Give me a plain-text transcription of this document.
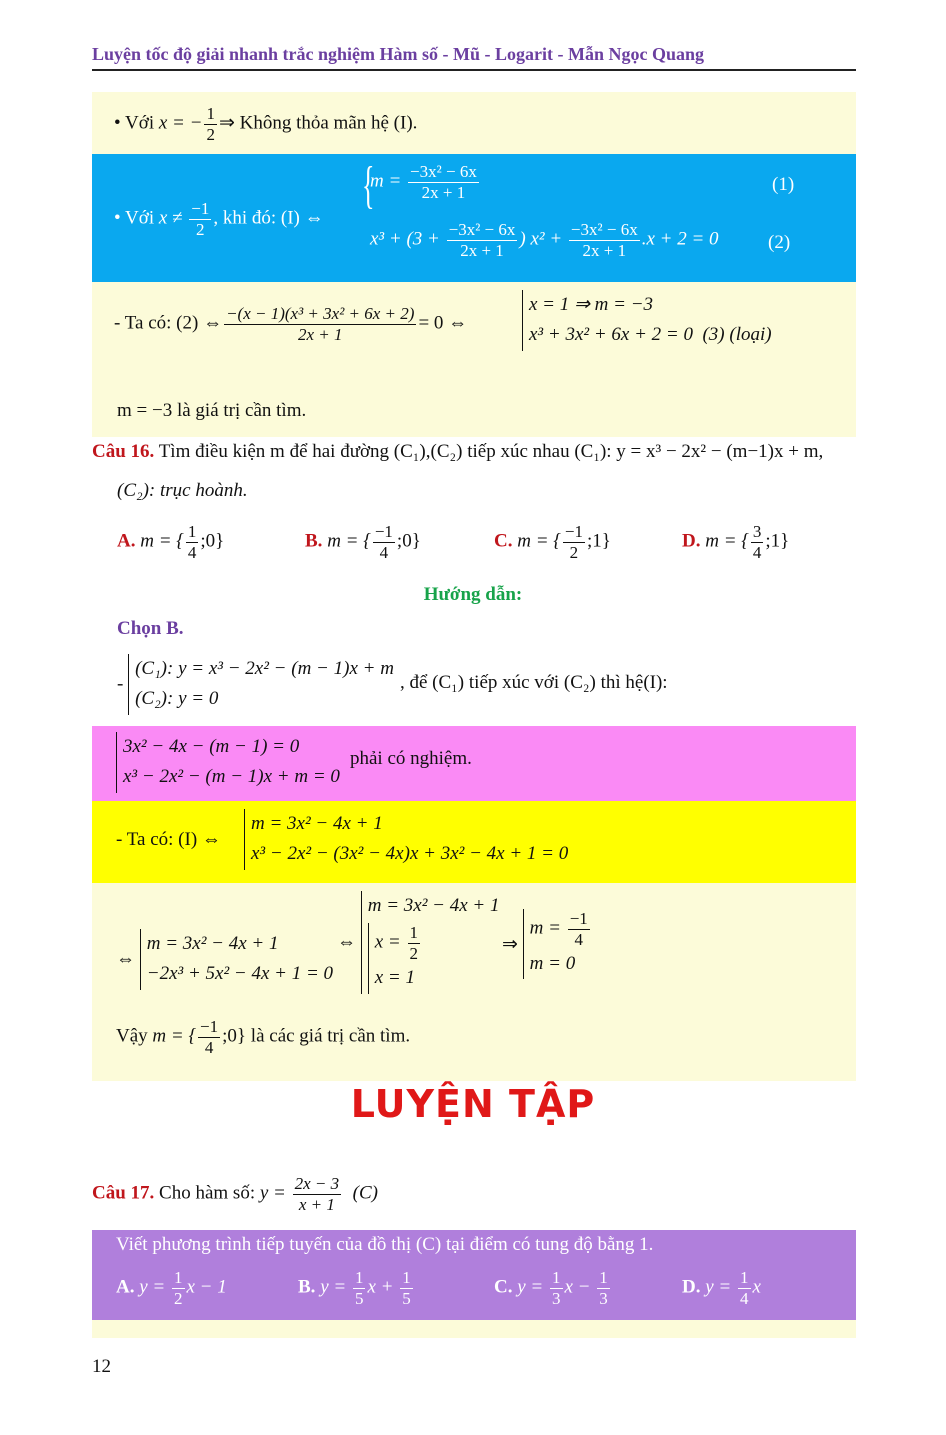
Luyện tốc độ giải nhanh trắc nghiệm Hàm số - Mũ - Logarit - Mẫn Ngọc Quang
• Với x = − $\frac{1}{2}$ ⇒ Không thỏa mãn hệ (I).
• Với $x \ne \frac{-1}{2}$ , khi đó: (I) ⇔
{
$m = \frac{\text{−3x² − 6x}}{2x + 1}$	(1)
$x^3 + (3 + \frac{\text{−3x² − 6x}}{2x + 1}$ ) $x^2 + \frac{\text{−3x² − 6x}}{2x + 1} .x + 2 = 0$	(2)
- Ta có: (2) ⇔ $\frac{\text{−(x − 1)(x³ + 3x² + 6x + 2)}}{2x + 1} = 0$ ⇔
x = 1 ⇒ m = −3
x³ + 3x² + 6x + 2 = 0 (3) (loại)
m = −3 là giá trị cần tìm.
Câu 16. Tìm điều kiện m để hai đường (C₁),(C₂) tiếp xúc nhau (C₁): y = x³ − 2x² − (m−1)x + m,
(C₂): trục hoành.
A. m = { $\frac{1}{4}$ ;0}	B. m = { $\frac{-1}{4}$ ;0}	C. m = { $\frac{-1}{2}$ ;1}	D. m = { $\frac{3}{4}$ ;1}
Hướng dẫn:
Chọn B.
-
(C₁): y = x³ − 2x² − (m − 1)x + m
(C₂): y = 0
, để (C₁) tiếp xúc với (C₂) thì hệ(I):
3x² − 4x − (m − 1) = 0
x³ − 2x² − (m − 1)x + m = 0
phải có nghiệm.
- Ta có: (I) ⇔
m = 3x² − 4x + 1
x³ − 2x² − (3x² − 4x)x + 3x² − 4x + 1 = 0
⇔
m = 3x² − 4x + 1
−2x³ + 5x² − 4x + 1 = 0
⇔
m = 3x² − 4x + 1
$x = \frac{1}{2}$
x = 1
⇒
$m = \frac{-1}{4}$
m = 0
Vậy m = { $\frac{-1}{4}$ ;0} là các giá trị cần tìm.
LUYỆN TẬP
Câu 17. Cho hàm số: $y = \frac{2x - 3}{x + 1} (C)$
Viết phương trình tiếp tuyến của đồ thị (C) tại điểm có tung độ bằng 1.
A. $y = \frac{1}{2}$ x − 1	B. $y = \frac{1}{5}$ $x + \frac{1}{5}$	C. $y = \frac{1}{3}$ $x - \frac{1}{3}$	D. $y = \frac{1}{4}$ x
12
